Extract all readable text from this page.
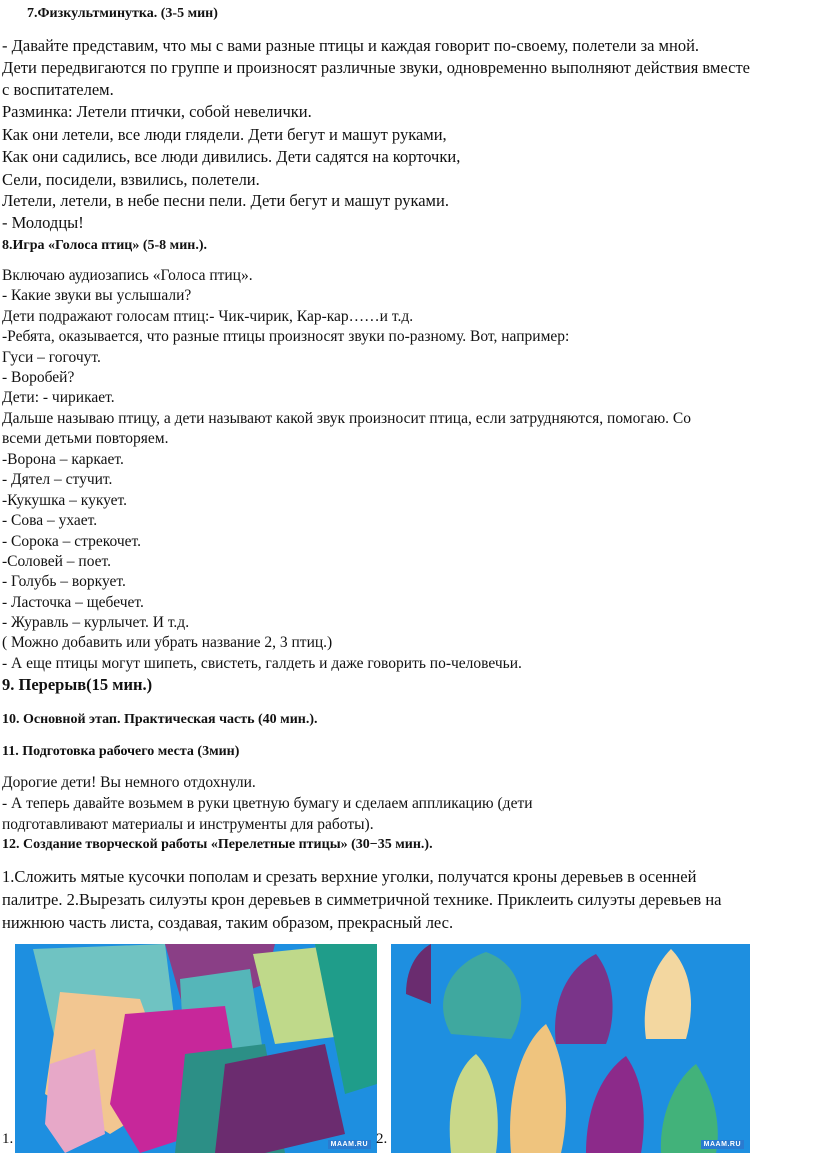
7.Физкультминутка. (3-5 мин)
- Давайте представим, что мы с вами разные птицы и каждая говорит по-своему, полетели за мной.
Дети передвигаются по группе и произносят различные звуки, одновременно выполняют действия вместе
с воспитателем.
Разминка: Летели птички, собой невелички.
Как они летели, все люди глядели. Дети бегут и машут руками,
Как они садились, все люди дивились. Дети садятся на корточки,
Сели, посидели, взвились, полетели.
Летели, летели, в небе песни пели. Дети бегут и машут руками.
- Молодцы!
8.Игра «Голоса птиц» (5-8 мин.).
Включаю аудиозапись «Голоса птиц».
- Какие звуки вы услышали?
Дети подражают голосам птиц:- Чик-чирик, Кар-кар……и т.д.
-Ребята, оказывается, что разные птицы произносят звуки по-разному. Вот, например:
Гуси – гогочут.
- Воробей?
Дети: - чирикает.
Дальше называю птицу, а дети называют какой звук произносит птица, если затрудняются, помогаю. Со
всеми детьми повторяем.
-Ворона – каркает.
- Дятел – стучит.
-Кукушка – кукует.
- Сова – ухает.
- Сорока – стрекочет.
-Соловей – поет.
- Голубь – воркует.
- Ласточка – щебечет.
- Журавль – курлычет. И т.д.
( Можно добавить или убрать название 2, 3 птиц.)
- А еще птицы могут шипеть, свистеть, галдеть и даже говорить по-человечьи.
9. Перерыв(15 мин.)
10. Основной этап. Практическая часть (40 мин.).
11. Подготовка рабочего места (3мин)
Дорогие дети! Вы немного отдохнули.
- А теперь давайте возьмем в руки цветную бумагу и сделаем аппликацию (дети
подготавливают материалы и инструменты для работы).
12. Создание творческой работы «Перелетные птицы» (30−35 мин.).
1.Сложить мятые кусочки пополам и срезать верхние уголки, получатся кроны деревьев в осенней
палитре. 2.Вырезать силуэты крон деревьев в симметричной технике. Приклеить силуэты деревьев на
нижнюю часть листа, создавая, таким образом, прекрасный лес.
MAAM.RU	MAAM.RU
1.	2.
